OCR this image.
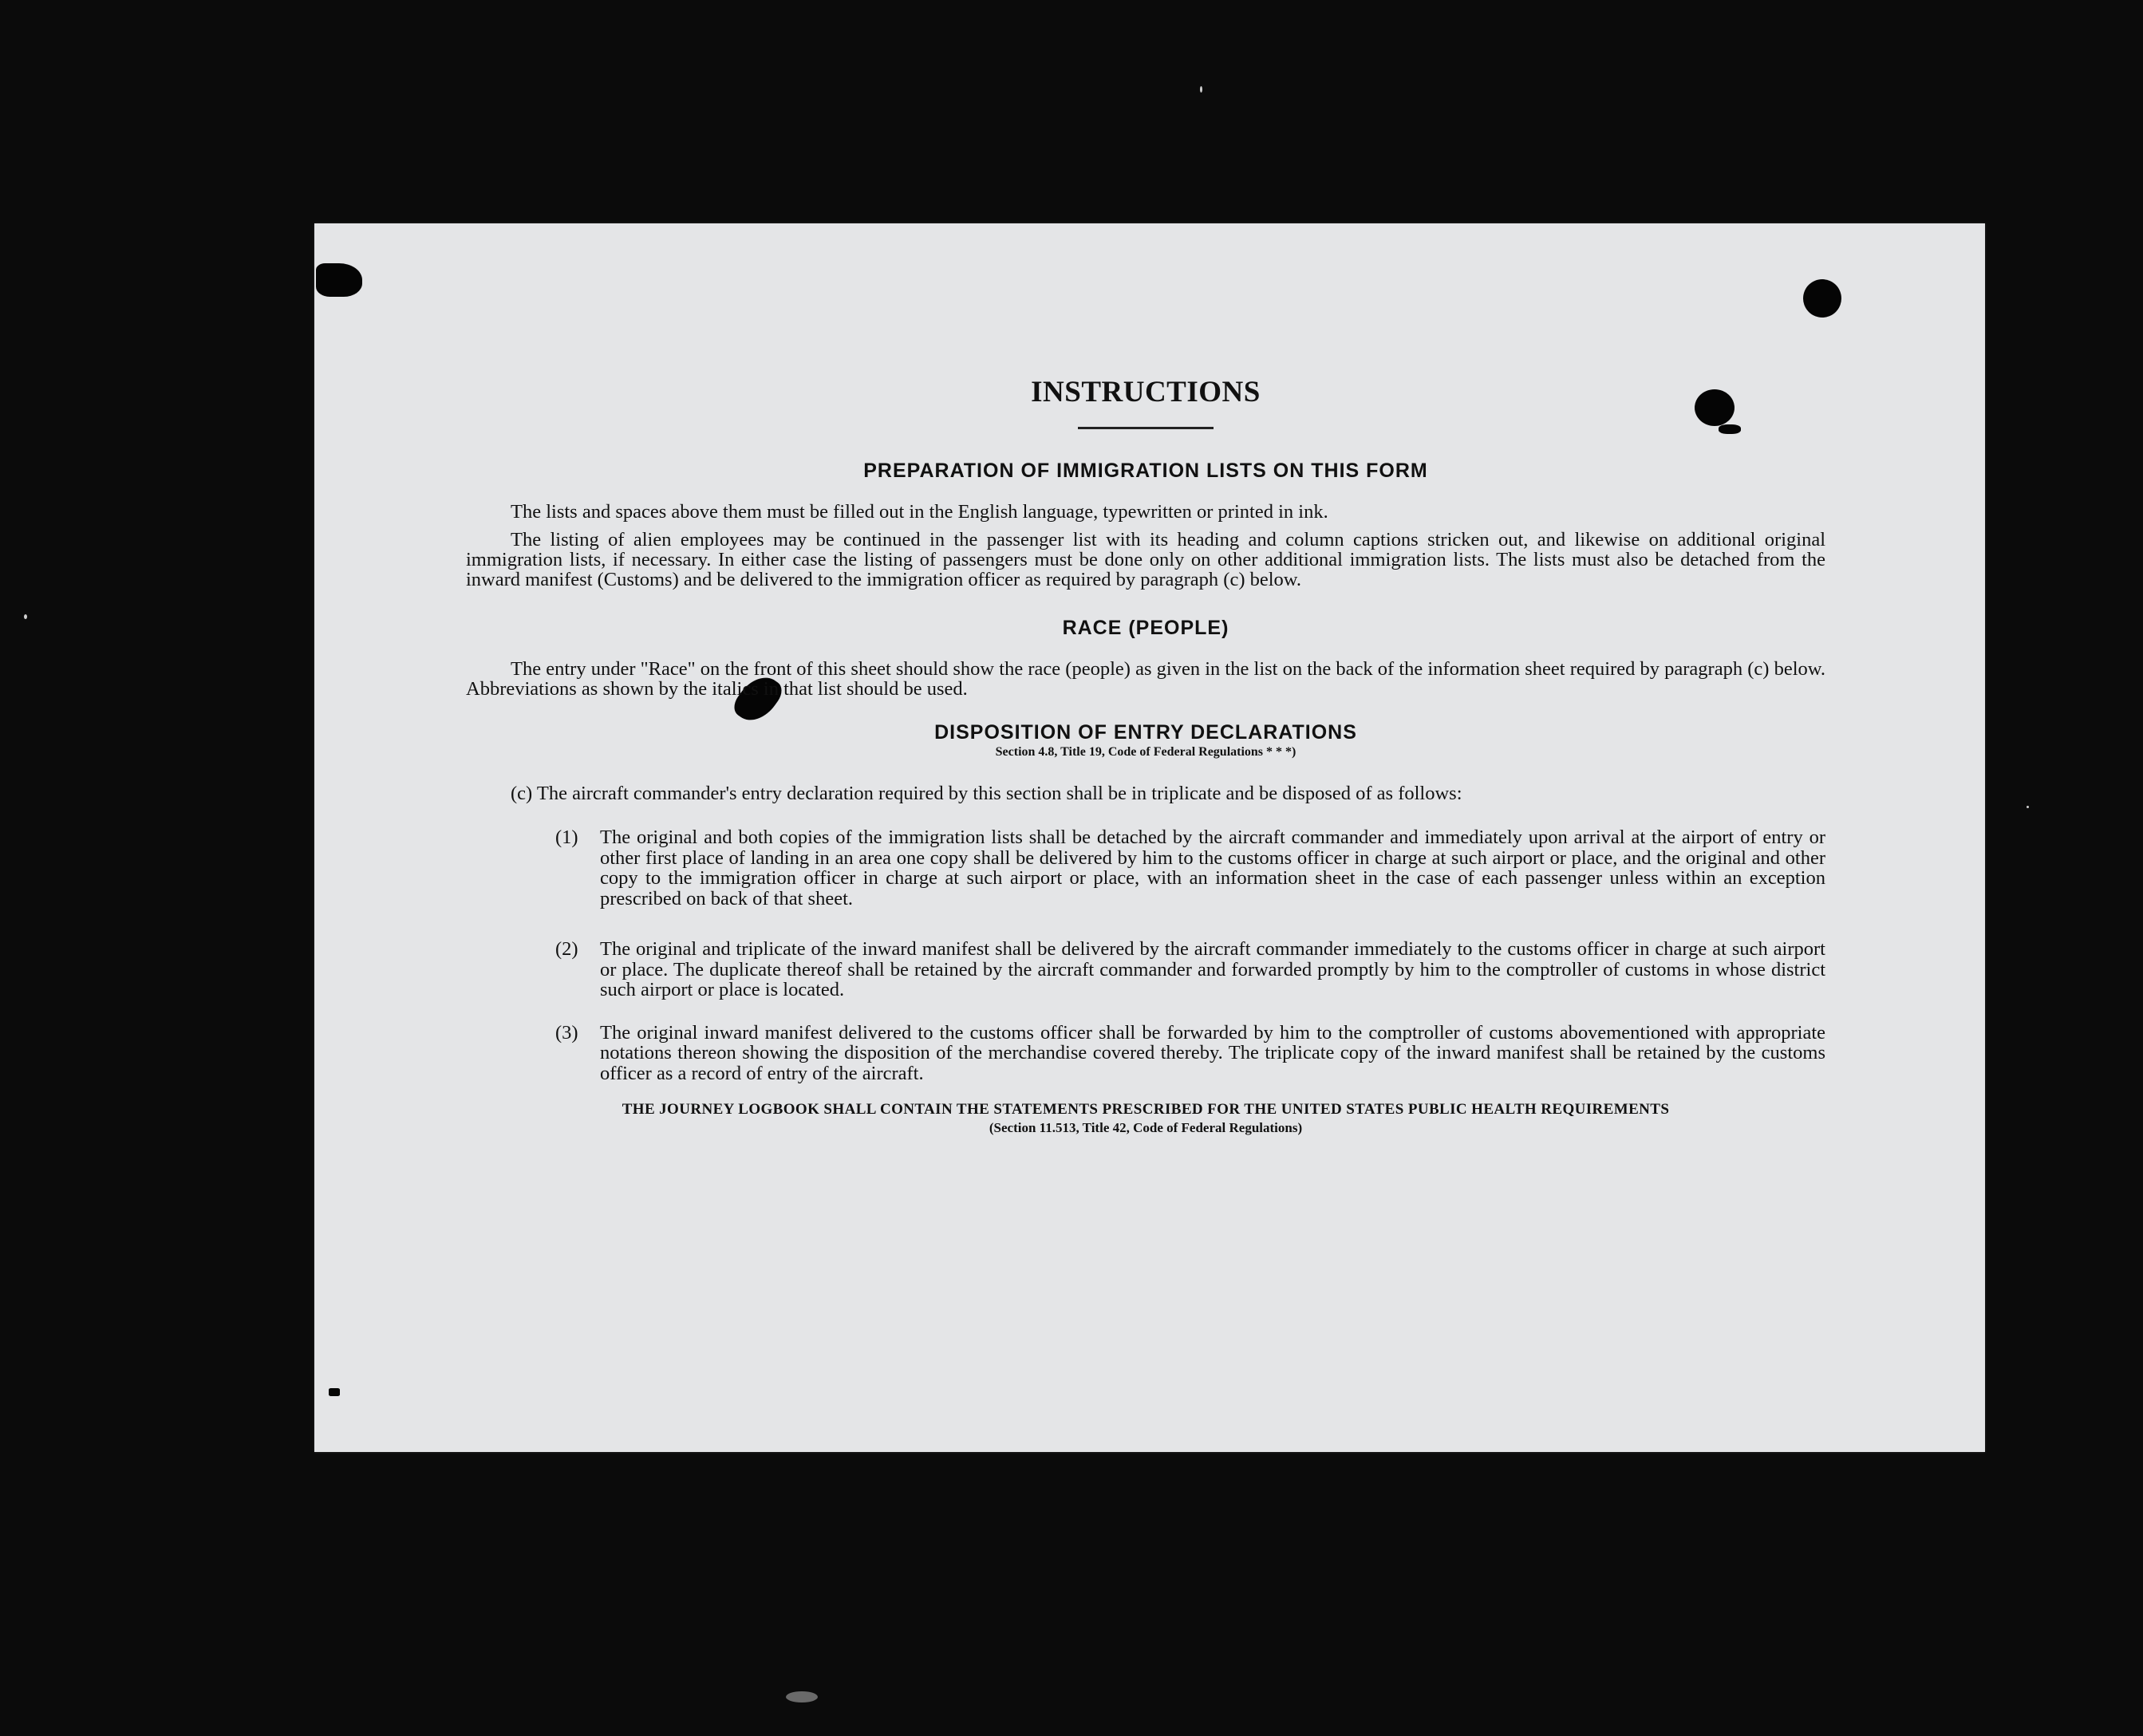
INSTRUCTIONS
PREPARATION OF IMMIGRATION LISTS ON THIS FORM

The lists and spaces above them must be filled out in the English language, typewritten or printed in ink.

The listing of alien employees may be continued in the passenger list with its heading and column captions stricken out, and likewise on additional original immigration lists, if necessary. In either case the listing of passengers must be done only on other additional immigration lists. The lists must also be detached from the inward manifest (Customs) and be delivered to the immigration officer as required by paragraph (c) below.

RACE (PEOPLE)

The entry under "Race" on the front of this sheet should show the race (people) as given in the list on the back of the information sheet required by paragraph (c) below. Abbreviations as shown by the italics in that list should be used.

DISPOSITION OF ENTRY DECLARATIONS

Section 4.8, Title 19, Code of Federal Regulations * * *)

(c) The aircraft commander's entry declaration required by this section shall be in triplicate and be disposed of as follows:

(1)	The original and both copies of the immigration lists shall be detached by the aircraft commander and immediately upon arrival at the airport of entry or other first place of landing in an area one copy shall be delivered by him to the customs officer in charge at such airport or place, and the original and other copy to the immigration officer in charge at such airport or place, with an information sheet in the case of each passenger unless within an exception prescribed on back of that sheet.
(2)	The original and triplicate of the inward manifest shall be delivered by the aircraft commander immediately to the customs officer in charge at such airport or place. The duplicate thereof shall be retained by the aircraft commander and forwarded promptly by him to the comptroller of customs in whose district such airport or place is located.
(3)	The original inward manifest delivered to the customs officer shall be forwarded by him to the comptroller of customs abovementioned with appropriate notations thereon showing the disposition of the merchandise covered thereby. The triplicate copy of the inward manifest shall be retained by the customs officer as a record of entry of the aircraft.

THE JOURNEY LOGBOOK SHALL CONTAIN THE STATEMENTS PRESCRIBED FOR THE UNITED STATES PUBLIC HEALTH REQUIREMENTS

(Section 11.513, Title 42, Code of Federal Regulations)
